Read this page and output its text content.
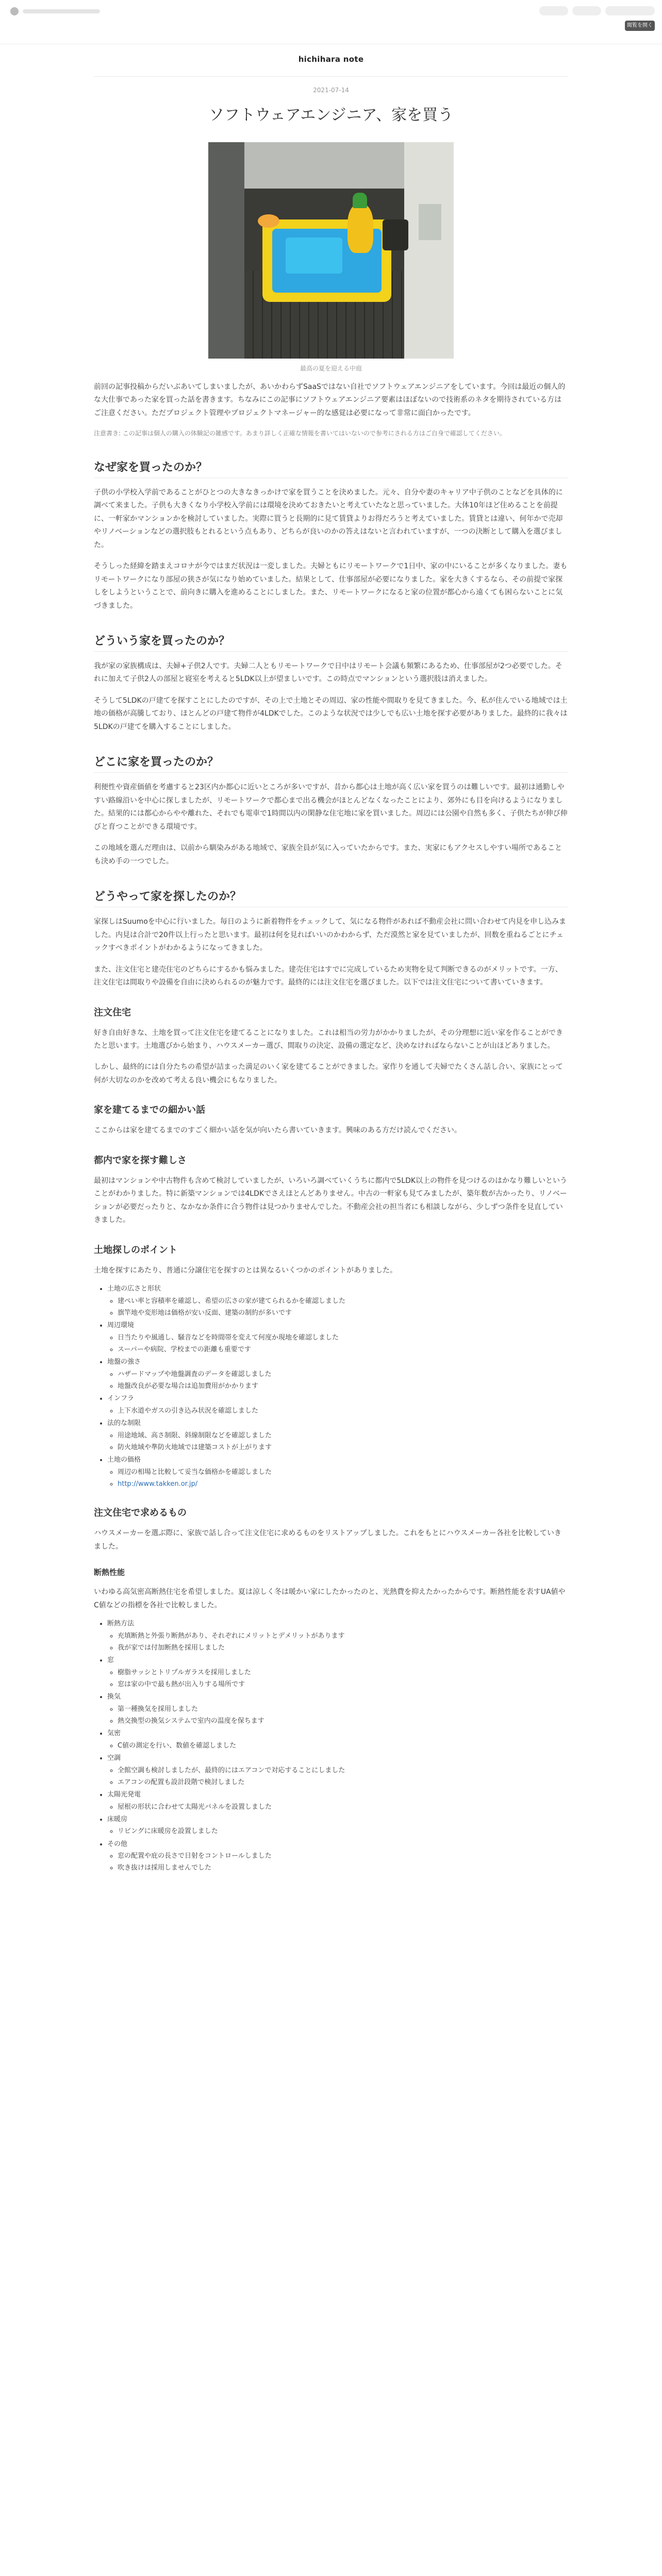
閲覧を開く
hichihara note
2021-07-14
ソフトウェアエンジニア、家を買う
最高の夏を迎える中庭

前回の記事投稿からだいぶあいてしまいましたが、あいかわらずSaaSではない自社でソフトウェアエンジニアをしています。今回は最近の個人的な大仕事であった家を買った話を書きます。ちなみにこの記事にソフトウェアエンジニア要素はほぼないので技術系のネタを期待されている方はご注意ください。ただプロジェクト管理やプロジェクトマネージャー的な感覚は必要になって非常に面白かったです。

注意書き: この記事は個人の購入の体験記の雑感です。あまり詳しく正確な情報を書いてはいないので参考にされる方はご自身で確認してください。

なぜ家を買ったのか？

子供の小学校入学前であることがひとつの大きなきっかけで家を買うことを決めました。元々、自分や妻のキャリア中子供のことなどを具体的に調べて来ました。子供も大きくなり小学校入学前には環境を決めておきたいと考えていたなと思っていました。大体10年ほど住めることを前提に、一軒家かマンションかを検討していました。実際に買うと長期的に見て賃貸よりお得だろうと考えていました。賃貸とは違い、何年かで売却やリノベーションなどの選択肢もとれるという点もあり、どちらが良いのかの答えはないと言われていますが、一つの決断として購入を選びました。

そうしった経緯を踏まえコロナが今ではまだ状況は一変しました。夫婦ともにリモートワークで1日中、家の中にいることが多くなりました。妻もリモートワークになり部屋の狭さが気になり始めていました。結果として、仕事部屋が必要になりました。家を大きくするなら、その前提で家探しをしようということで、前向きに購入を進めることにしました。また、リモートワークになると家の位置が都心から遠くても困らないことに気づきました。

どういう家を買ったのか？

我が家の家族構成は、夫婦+子供2人です。夫婦二人ともリモートワークで日中はリモート会議も頻繁にあるため、仕事部屋が2つ必要でした。それに加えて子供2人の部屋と寝室を考えると5LDK以上が望ましいです。この時点でマンションという選択肢は消えました。

そうして5LDKの戸建てを探すことにしたのですが、その上で土地とその周辺、家の性能や間取りを見てきました。今、私が住んでいる地域では土地の価格が高騰しており、ほとんどの戸建て物件が4LDKでした。このような状況では少しでも広い土地を探す必要がありました。最終的に我々は5LDKの戸建てを購入することにしました。

どこに家を買ったのか？

利便性や資産価値を考慮すると23区内か都心に近いところが多いですが、昔から都心は土地が高く広い家を買うのは難しいです。最初は通勤しやすい路線沿いを中心に探しましたが、リモートワークで都心まで出る機会がほとんどなくなったことにより、郊外にも目を向けるようになりました。結果的には都心からやや離れた、それでも電車で1時間以内の閑静な住宅地に家を買いました。周辺には公園や自然も多く、子供たちが伸び伸びと育つことができる環境です。

この地域を選んだ理由は、以前から馴染みがある地域で、家族全員が気に入っていたからです。また、実家にもアクセスしやすい場所であることも決め手の一つでした。

どうやって家を探したのか？

家探しはSuumoを中心に行いました。毎日のように新着物件をチェックして、気になる物件があれば不動産会社に問い合わせて内見を申し込みました。内見は合計で20件以上行ったと思います。最初は何を見ればいいのかわからず、ただ漠然と家を見ていましたが、回数を重ねるごとにチェックすべきポイントがわかるようになってきました。

また、注文住宅と建売住宅のどちらにするかも悩みました。建売住宅はすでに完成しているため実物を見て判断できるのがメリットです。一方、注文住宅は間取りや設備を自由に決められるのが魅力です。最終的には注文住宅を選びました。以下では注文住宅について書いていきます。

注文住宅

好き自由好きな、土地を買って注文住宅を建てることになりました。これは相当の労力がかかりましたが、その分理想に近い家を作ることができたと思います。土地選びから始まり、ハウスメーカー選び、間取りの決定、設備の選定など、決めなければならないことが山ほどありました。

しかし、最終的には自分たちの希望が詰まった満足のいく家を建てることができました。家作りを通して夫婦でたくさん話し合い、家族にとって何が大切なのかを改めて考える良い機会にもなりました。

家を建てるまでの細かい話

ここからは家を建てるまでのすごく細かい話を気が向いたら書いていきます。興味のある方だけ読んでください。

都内で家を探す難しさ

最初はマンションや中古物件も含めて検討していましたが、いろいろ調べていくうちに都内で5LDK以上の物件を見つけるのはかなり難しいということがわかりました。特に新築マンションでは4LDKでさえほとんどありません。中古の一軒家も見てみましたが、築年数が古かったり、リノベーションが必要だったりと、なかなか条件に合う物件は見つかりませんでした。不動産会社の担当者にも相談しながら、少しずつ条件を見直していきました。

土地探しのポイント

土地を探すにあたり、普通に分譲住宅を探すのとは異なるいくつかのポイントがありました。

• 土地の広さと形状
◦ 建ぺい率と容積率を確認し、希望の広さの家が建てられるかを確認しました
◦ 旗竿地や変形地は価格が安い反面、建築の制約が多いです
• 周辺環境
◦ 日当たりや風通し、騒音などを時間帯を変えて何度か現地を確認しました
◦ スーパーや病院、学校までの距離も重要です
• 地盤の強さ
◦ ハザードマップや地盤調査のデータを確認しました
◦ 地盤改良が必要な場合は追加費用がかかります
• インフラ
◦ 上下水道やガスの引き込み状況を確認しました
• 法的な制限
◦ 用途地域、高さ制限、斜線制限などを確認しました
◦ 防火地域や準防火地域では建築コストが上がります
• 土地の価格
◦ 周辺の相場と比較して妥当な価格かを確認しました
◦ http://www.takken.or.jp/
注文住宅で求めるもの

ハウスメーカーを選ぶ際に、家族で話し合って注文住宅に求めるものをリストアップしました。これをもとにハウスメーカー各社を比較していきました。

断熱性能

いわゆる高気密高断熱住宅を希望しました。夏は涼しく冬は暖かい家にしたかったのと、光熱費を抑えたかったからです。断熱性能を表すUA値やC値などの指標を各社で比較しました。

• 断熱方法
◦ 充填断熱と外張り断熱があり、それぞれにメリットとデメリットがあります
◦ 我が家では付加断熱を採用しました
• 窓
◦ 樹脂サッシとトリプルガラスを採用しました
◦ 窓は家の中で最も熱が出入りする場所です
• 換気
◦ 第一種換気を採用しました
◦ 熱交換型の換気システムで室内の温度を保ちます
• 気密
◦ C値の測定を行い、数値を確認しました
• 空調
◦ 全館空調も検討しましたが、最終的にはエアコンで対応することにしました
◦ エアコンの配置も設計段階で検討しました
• 太陽光発電
◦ 屋根の形状に合わせて太陽光パネルを設置しました
• 床暖房
◦ リビングに床暖房を設置しました
• その他
◦ 窓の配置や庇の長さで日射をコントロールしました
◦ 吹き抜けは採用しませんでした
